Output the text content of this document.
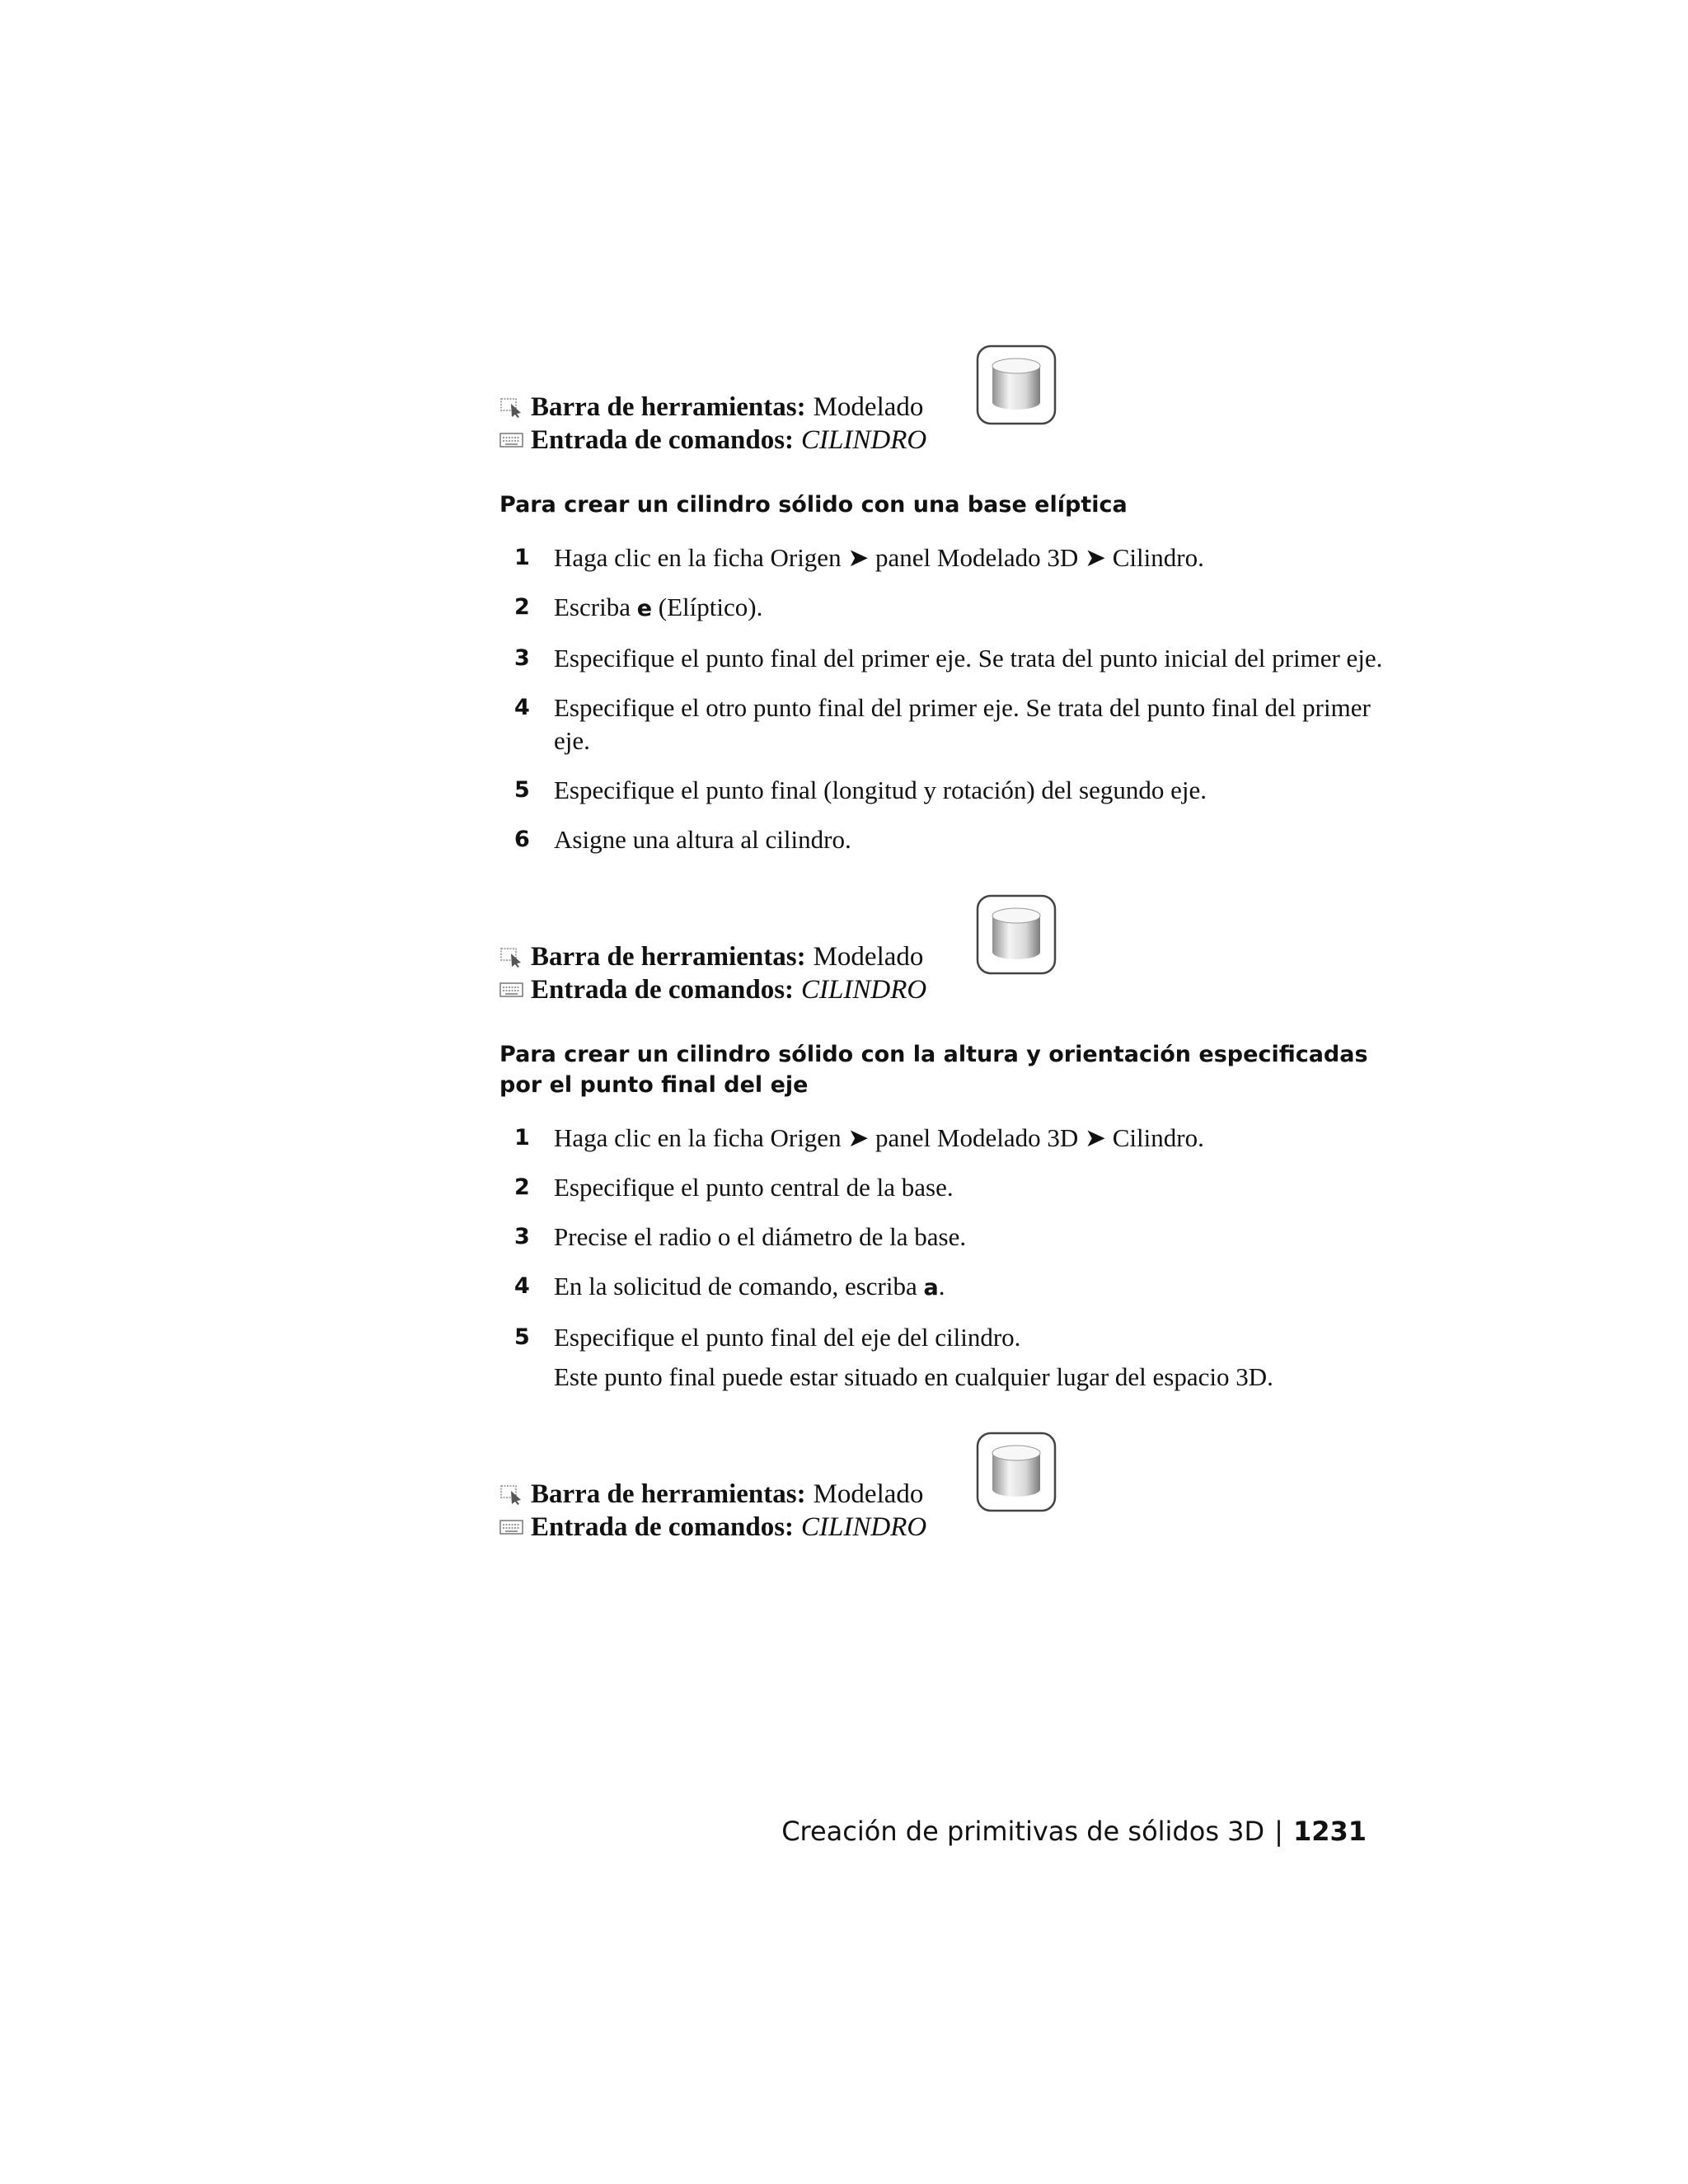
Barra de herramientas: Modelado
Entrada de comandos: CILINDRO
Para crear un cilindro sólido con una base elíptica
1 Haga clic en la ficha Origen ➤ panel Modelado 3D ➤ Cilindro.
2 Escriba e (Elíptico).
3 Especifique el punto final del primer eje. Se trata del punto inicial del primer eje.
4 Especifique el otro punto final del primer eje. Se trata del punto final del primer eje.
5 Especifique el punto final (longitud y rotación) del segundo eje.
6 Asigne una altura al cilindro.
Barra de herramientas: Modelado
Entrada de comandos: CILINDRO
Para crear un cilindro sólido con la altura y orientación especificadas por el punto final del eje
1 Haga clic en la ficha Origen ➤ panel Modelado 3D ➤ Cilindro.
2 Especifique el punto central de la base.
3 Precise el radio o el diámetro de la base.
4 En la solicitud de comando, escriba a.
5 Especifique el punto final del eje del cilindro.
Este punto final puede estar situado en cualquier lugar del espacio 3D.
Barra de herramientas: Modelado
Entrada de comandos: CILINDRO
Creación de primitivas de sólidos 3D | 1231
